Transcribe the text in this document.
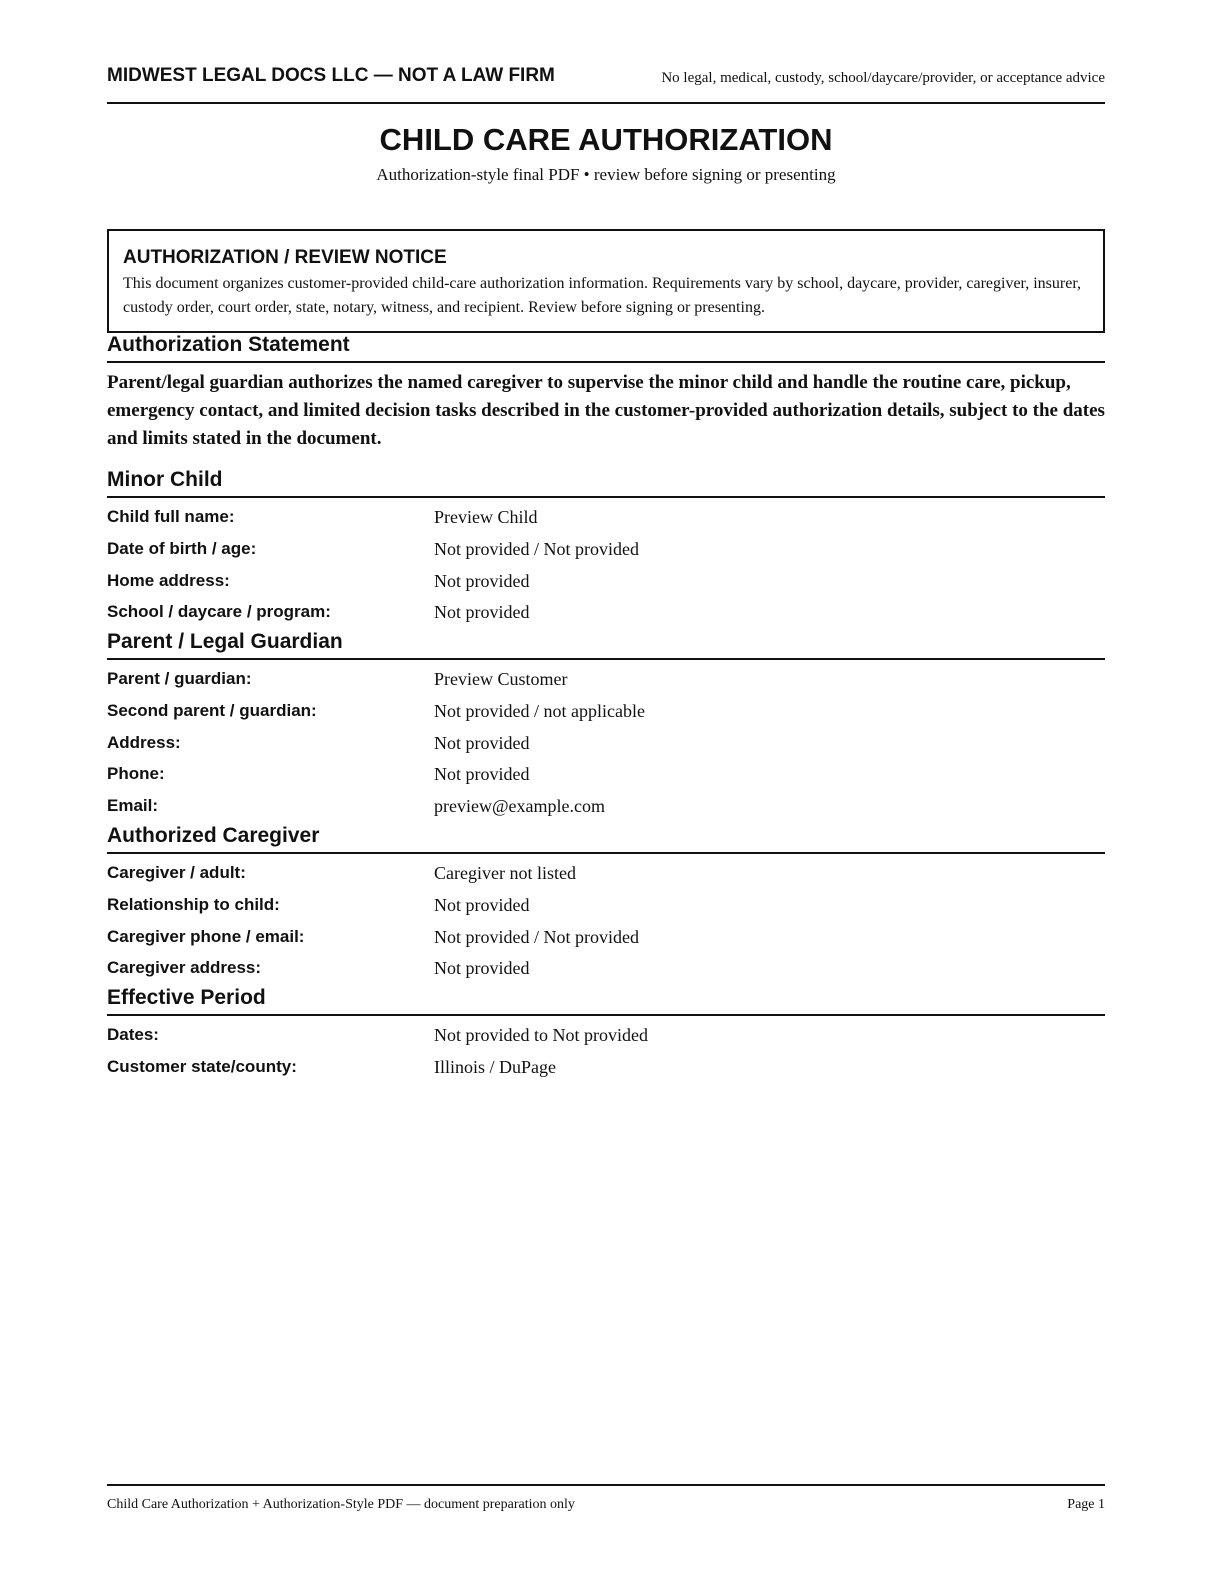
MIDWEST LEGAL DOCS LLC — NOT A LAW FIRM	No legal, medical, custody, school/daycare/provider, or acceptance advice
CHILD CARE AUTHORIZATION
Authorization-style final PDF • review before signing or presenting
AUTHORIZATION / REVIEW NOTICE

This document organizes customer-provided child-care authorization information. Requirements vary by school, daycare, provider, caregiver, insurer, custody order, court order, state, notary, witness, and recipient. Review before signing or presenting.

Authorization Statement

Parent/legal guardian authorizes the named caregiver to supervise the minor child and handle the routine care, pickup, emergency contact, and limited decision tasks described in the customer-provided authorization details, subject to the dates and limits stated in the document.

Minor Child
Child full name:	Preview Child
Date of birth / age:	Not provided / Not provided
Home address:	Not provided
School / daycare / program:	Not provided
Parent / Legal Guardian
Parent / guardian:	Preview Customer
Second parent / guardian:	Not provided / not applicable
Address:	Not provided
Phone:	Not provided
Email:	preview@example.com
Authorized Caregiver
Caregiver / adult:	Caregiver not listed
Relationship to child:	Not provided
Caregiver phone / email:	Not provided / Not provided
Caregiver address:	Not provided
Effective Period
Dates:	Not provided to Not provided
Customer state/county:	Illinois / DuPage
Child Care Authorization + Authorization-Style PDF — document preparation only	Page 1
